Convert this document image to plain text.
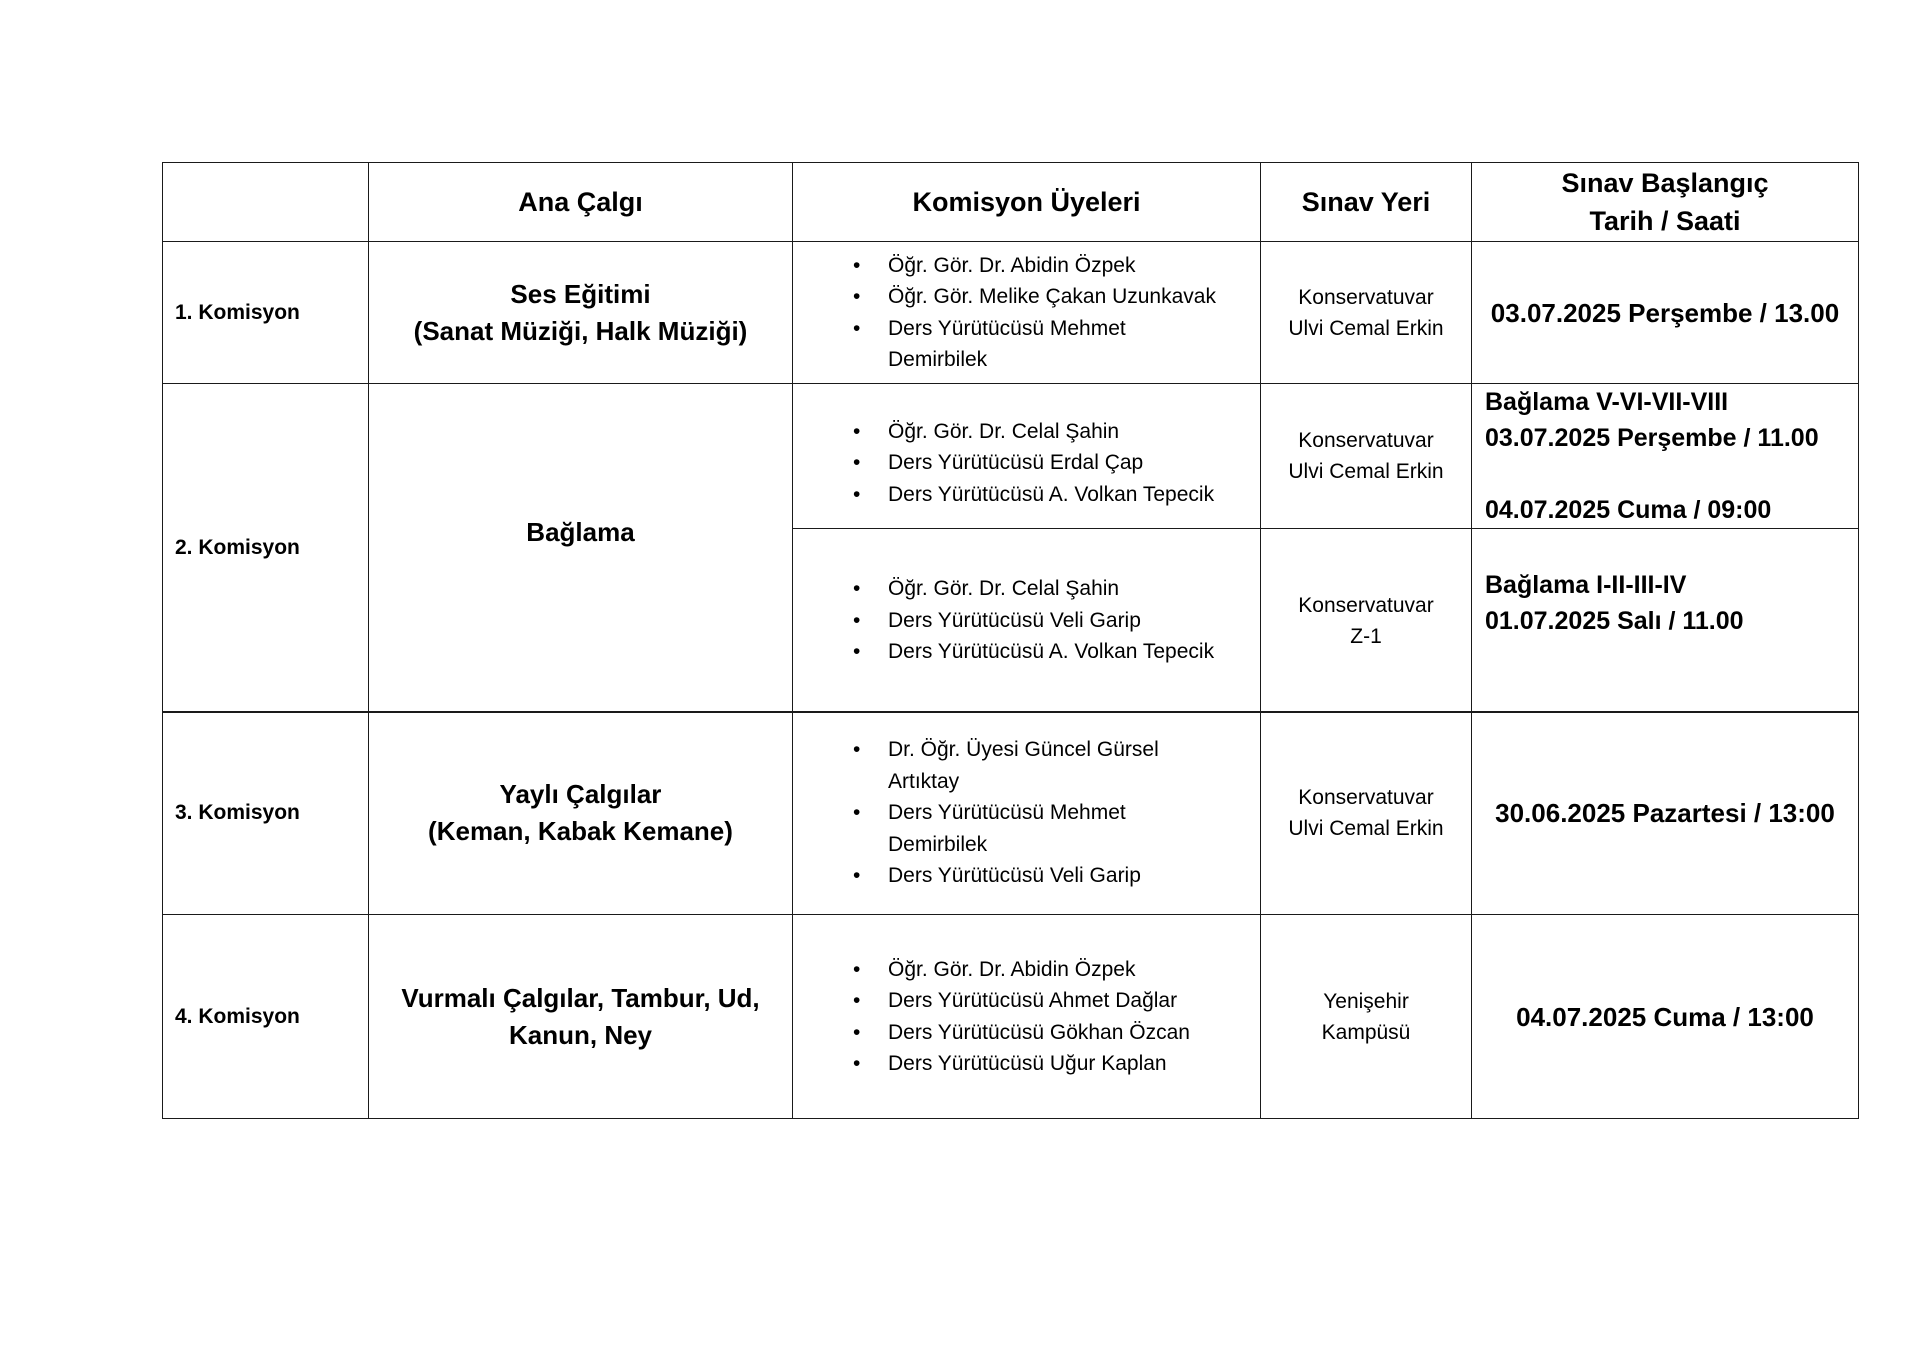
Ana Çalgı	Komisyon Üyeleri	Sınav Yeri
Sınav Başlangıç
Tarih / Saati
1. Komisyon
Ses Eğitimi
(Sanat Müziği, Halk Müziği)
• Öğr. Gör. Dr. Abidin Özpek
• Öğr. Gör. Melike Çakan Uzunkavak
• Ders Yürütücüsü Mehmet Demirbilek
Konservatuvar
Ulvi Cemal Erkin
03.07.2025 Perşembe / 13.00
2. Komisyon
Bağlama
• Öğr. Gör. Dr. Celal Şahin
• Ders Yürütücüsü Erdal Çap
• Ders Yürütücüsü A. Volkan Tepecik
Konservatuvar
Ulvi Cemal Erkin
Bağlama V-VI-VII-VIII
03.07.2025 Perşembe / 11.00
04.07.2025 Cuma / 09:00
• Öğr. Gör. Dr. Celal Şahin
• Ders Yürütücüsü Veli Garip
• Ders Yürütücüsü A. Volkan Tepecik
Konservatuvar
Z-1
Bağlama I-II-III-IV
01.07.2025 Salı / 11.00
3. Komisyon
Yaylı Çalgılar
(Keman, Kabak Kemane)
• Dr. Öğr. Üyesi Güncel Gürsel Artıktay
• Ders Yürütücüsü Mehmet Demirbilek
• Ders Yürütücüsü Veli Garip
Konservatuvar
Ulvi Cemal Erkin
30.06.2025 Pazartesi / 13:00
4. Komisyon
Vurmalı Çalgılar, Tambur, Ud,
Kanun, Ney
• Öğr. Gör. Dr. Abidin Özpek
• Ders Yürütücüsü Ahmet Dağlar
• Ders Yürütücüsü Gökhan Özcan
• Ders Yürütücüsü Uğur Kaplan
Yenişehir
Kampüsü
04.07.2025 Cuma / 13:00
